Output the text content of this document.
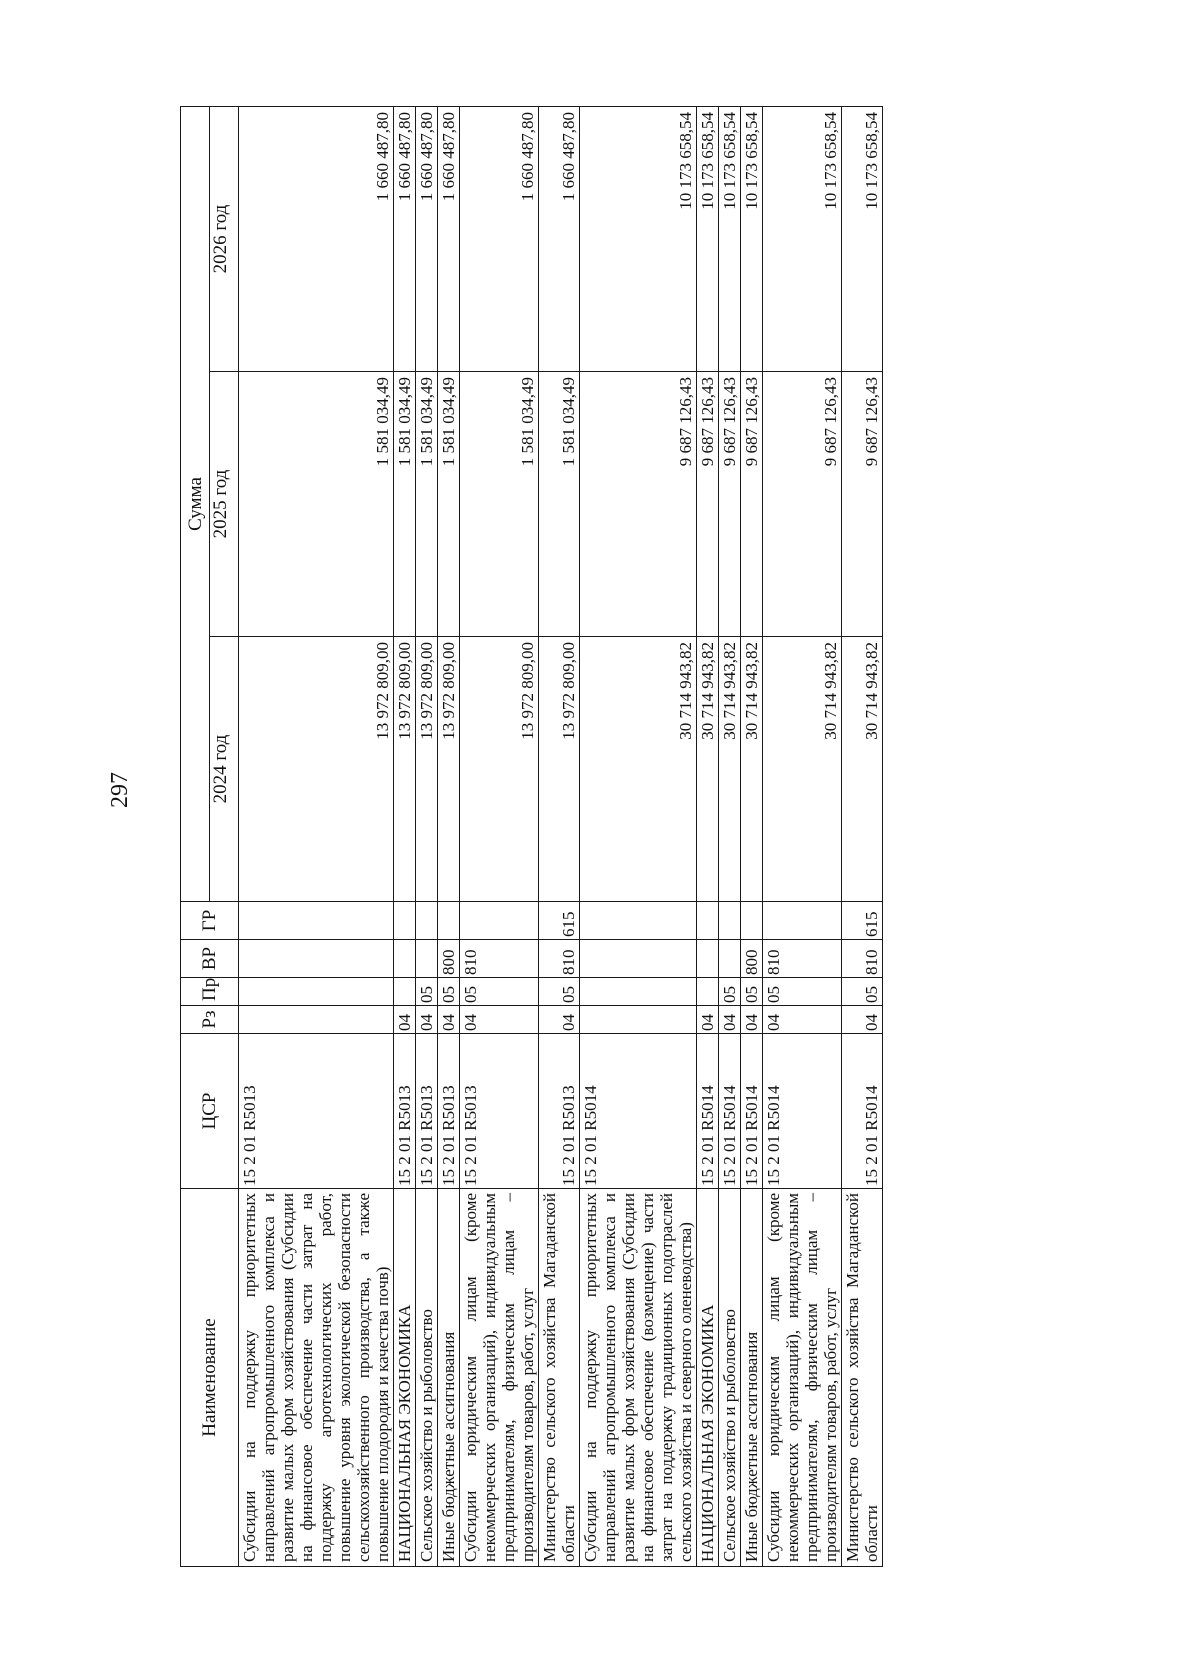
297
Наименование	ЦСР	Рз	Пр	ВР	ГР	Сумма		
						2024 год	2025 год	2026 год
Субсидии на поддержку приоритетных направлений агропромышленного комплекса и развитие малых форм хозяйствования (Субсидии на финансовое обеспечение части затрат на поддержку агротехнологических работ, повышение уровня экологической безопасности сельскохозяйственного производства, а также повышение плодородия и качества почв)	15 2 01 R5013					13 972 809,00	1 581 034,49	1 660 487,80
НАЦИОНАЛЬНАЯ ЭКОНОМИКА	15 2 01 R5013	04				13 972 809,00	1 581 034,49	1 660 487,80
Сельское хозяйство и рыболовство	15 2 01 R5013	04	05			13 972 809,00	1 581 034,49	1 660 487,80
Иные бюджетные ассигнования	15 2 01 R5013	04	05	800		13 972 809,00	1 581 034,49	1 660 487,80
Субсидии юридическим лицам (кроме некоммерческих организаций), индивидуальным предпринимателям, физическим лицам – производителям товаров, работ, услуг	15 2 01 R5013	04	05	810		13 972 809,00	1 581 034,49	1 660 487,80
Министерство сельского хозяйства Магаданской области	15 2 01 R5013	04	05	810	615	13 972 809,00	1 581 034,49	1 660 487,80
Субсидии на поддержку приоритетных направлений агропромышленного комплекса и развитие малых форм хозяйствования (Субсидии на финансовое обеспечение (возмещение) части затрат на поддержку традиционных подотраслей сельского хозяйства и северного оленеводства)	15 2 01 R5014					30 714 943,82	9 687 126,43	10 173 658,54
НАЦИОНАЛЬНАЯ ЭКОНОМИКА	15 2 01 R5014	04				30 714 943,82	9 687 126,43	10 173 658,54
Сельское хозяйство и рыболовство	15 2 01 R5014	04	05			30 714 943,82	9 687 126,43	10 173 658,54
Иные бюджетные ассигнования	15 2 01 R5014	04	05	800		30 714 943,82	9 687 126,43	10 173 658,54
Субсидии юридическим лицам (кроме некоммерческих организаций), индивидуальным предпринимателям, физическим лицам – производителям товаров, работ, услуг	15 2 01 R5014	04	05	810		30 714 943,82	9 687 126,43	10 173 658,54
Министерство сельского хозяйства Магаданской области	15 2 01 R5014	04	05	810	615	30 714 943,82	9 687 126,43	10 173 658,54
